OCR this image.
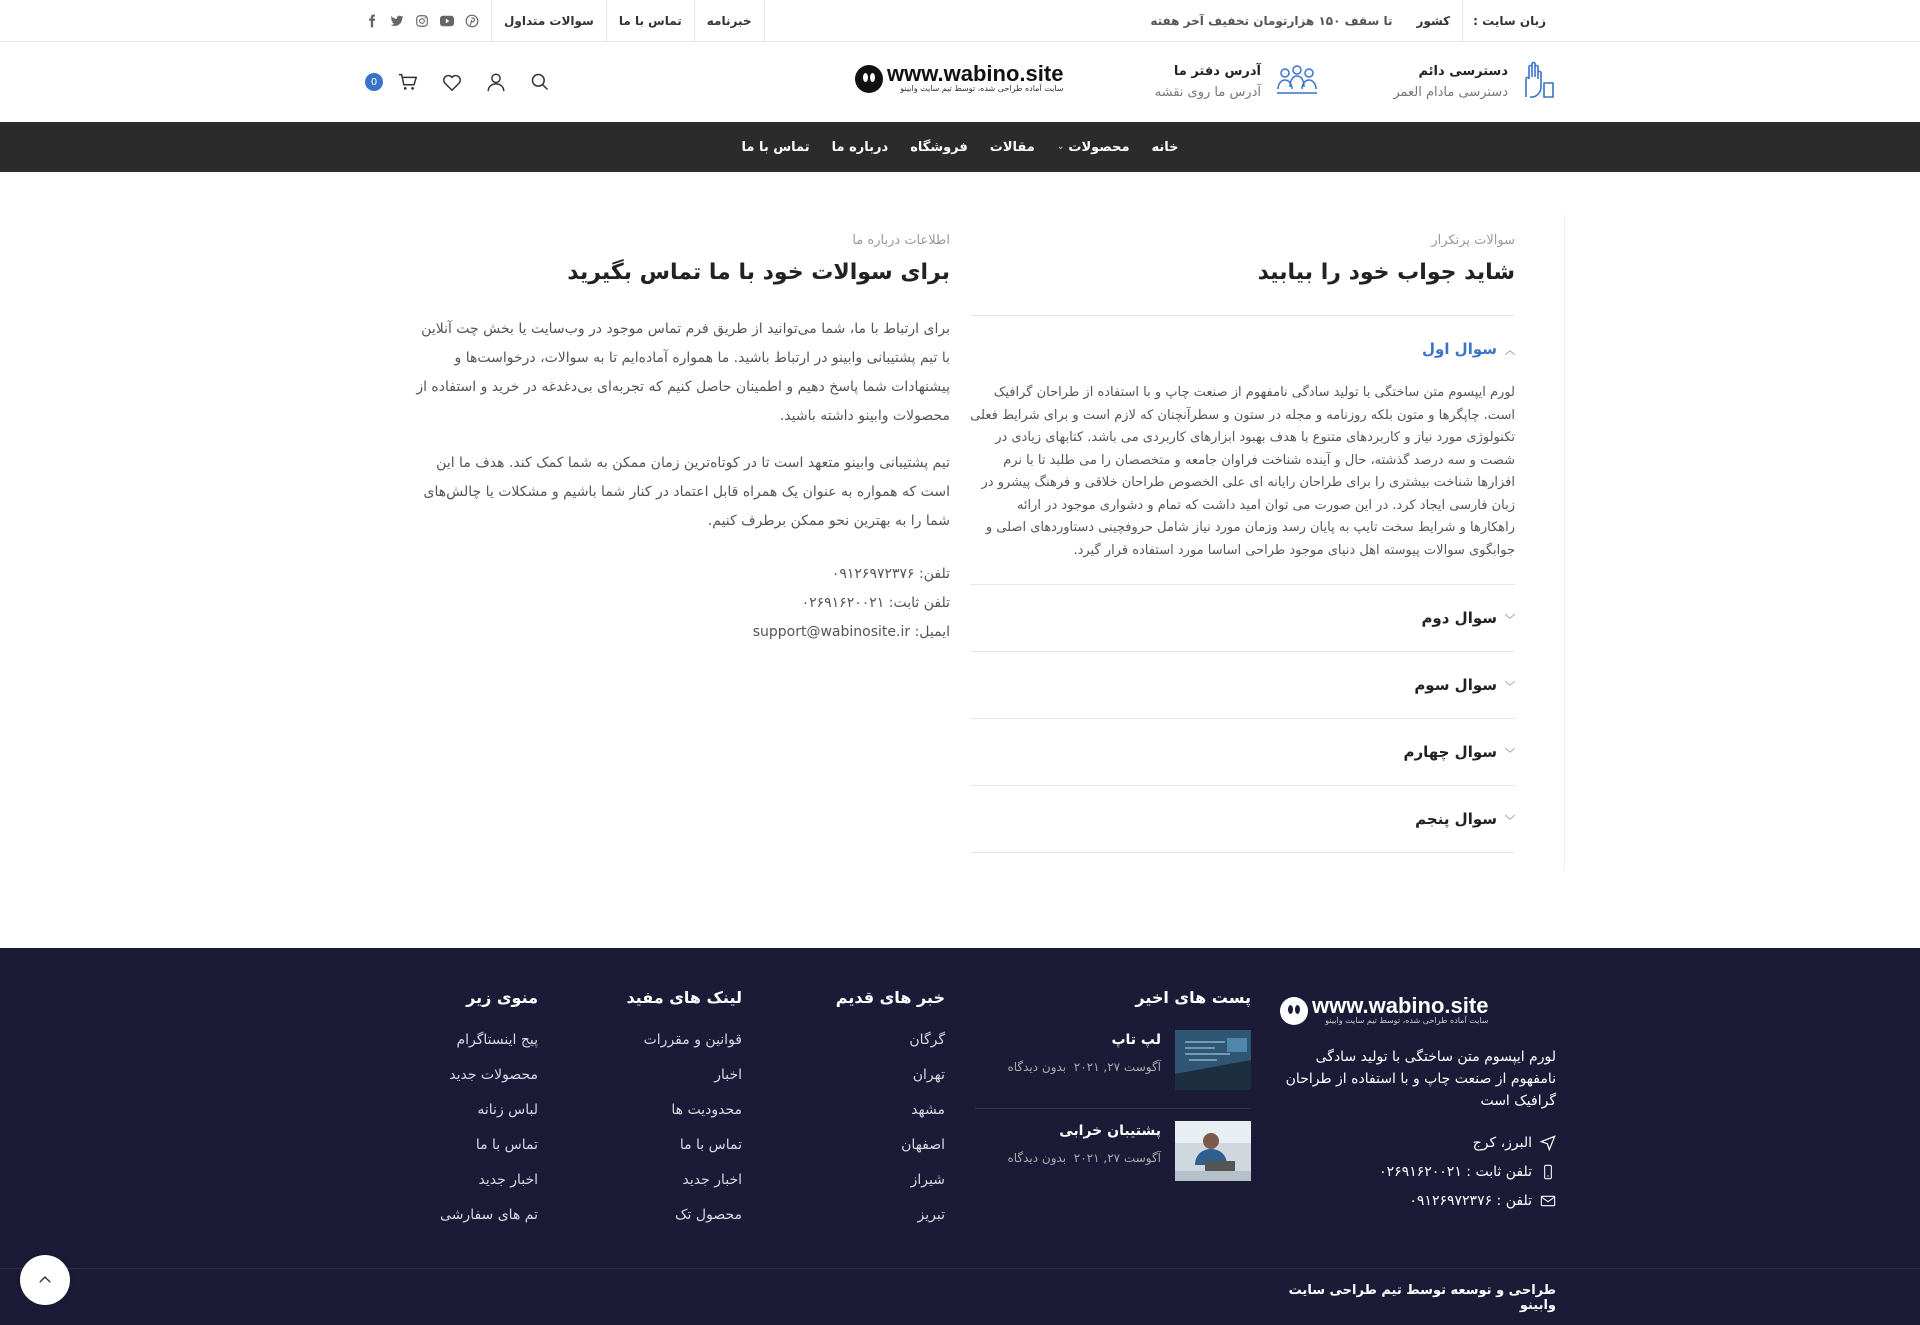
زبان سایت :
کشور
تا سقف ۱۵۰ هزارتومان تخفیف آخر هفته
خبرنامه
تماس با ما
سوالات متداول
دسترسی دائم
دسترسی مادام العمر
آدرس دفتر ما
آدرس ما روی نقشه
www.wabino.site
سایت آماده طراحی شده، توسط تیم سایت وابینو
0
خانه
محصولات
⌄
مقالات
فروشگاه
درباره ما
تماس با ما
سوالات پرتکرار
شاید جواب خود را بیابید
︿
سوال اول
لورم ایپسوم متن ساختگی با تولید سادگی نامفهوم از صنعت چاپ و با استفاده از طراحان گرافیک است. چاپگرها و متون بلکه روزنامه و مجله در ستون و سطرآنچنان که لازم است و برای شرایط فعلی تکنولوژی مورد نیاز و کاربردهای متنوع با هدف بهبود ابزارهای کاربردی می باشد. کتابهای زیادی در شصت و سه درصد گذشته، حال و آینده شناخت فراوان جامعه و متخصصان را می طلبد تا با نرم افزارها شناخت بیشتری را برای طراحان رایانه ای علی الخصوص طراحان خلاقی و فرهنگ پیشرو در زبان فارسی ایجاد کرد. در این صورت می توان امید داشت که تمام و دشواری موجود در ارائه راهکارها و شرایط سخت تایپ به پایان رسد وزمان مورد نیاز شامل حروفچینی دستاوردهای اصلی و جوابگوی سوالات پیوسته اهل دنیای موجود طراحی اساسا مورد استفاده قرار گیرد.
﹀
سوال دوم
﹀
سوال سوم
﹀
سوال چهارم
﹀
سوال پنجم
اطلاعات درباره ما
برای سوالات خود با ما تماس بگیرید

برای ارتباط با ما، شما می‌توانید از طریق فرم تماس موجود در وب‌سایت یا بخش چت آنلاین با تیم پشتیبانی وابینو در ارتباط باشید. ما همواره آماده‌ایم تا به سوالات، درخواست‌ها و پیشنهادات شما پاسخ دهیم و اطمینان حاصل کنیم که تجربه‌ای بی‌دغدغه در خرید و استفاده از محصولات وابینو داشته باشید.

تیم پشتیبانی وابینو متعهد است تا در کوتاه‌ترین زمان ممکن به شما کمک کند. هدف ما این است که همواره به عنوان یک همراه قابل اعتماد در کنار شما باشیم و مشکلات یا چالش‌های شما را به بهترین نحو ممکن برطرف کنیم.

تلفن: ۰۹۱۲۶۹۷۲۳۷۶
تلفن ثابت: ۰۲۶۹۱۶۲۰۰۲۱
ایمیل: support@wabinosite.ir
www.wabino.site
سایت آماده طراحی شده، توسط تیم سایت وابینو
لورم ایپسوم متن ساختگی با تولید سادگی نامفهوم از صنعت چاپ و با استفاده از طراحان گرافیک است
البرز، کرج
تلفن ثابت : ۰۲۶۹۱۶۲۰۰۲۱
تلفن : ۰۹۱۲۶۹۷۲۳۷۶
پست های اخیر
لپ تاپ
آگوست ۲۷, ۲۰۲۱  بدون دیدگاه
پشتیبان خرابی
آگوست ۲۷, ۲۰۲۱  بدون دیدگاه
خبر های قدیم
گرگان
تهران
مشهد
اصفهان
شیراز
تبریز
لینک های مفید
قوانین و مقررات
اخبار
محدودیت ها
تماس با ما
اخبار جدید
محصول تک
منوی زیر
پیج اینستاگرام
محصولات جدید
لباس زنانه
تماس با ما
اخبار جدید
تم های سفارشی
طراحی و توسعه توسط تیم طراحی سایت وابینو
